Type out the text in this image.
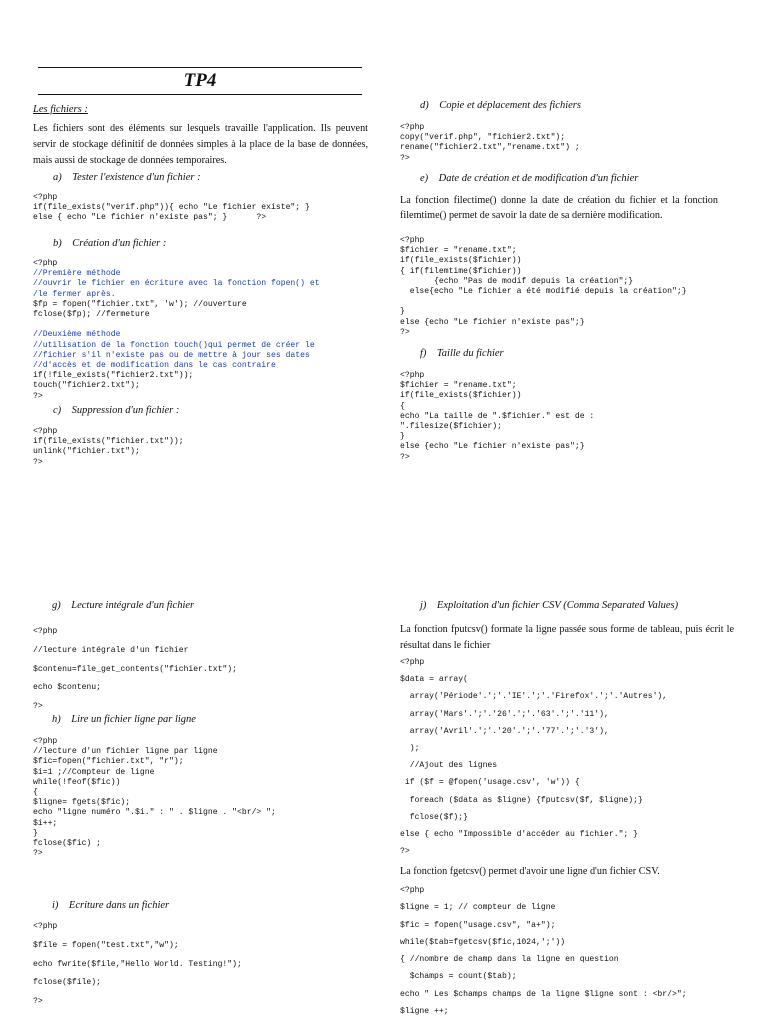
TP4
Les fichiers :
Les fichiers sont des éléments sur lesquels travaille l'application. Ils peuvent servir de stockage définitif de données simples à la place de la base de données, mais aussi de stockage de données temporaires.
a)    Tester l'existence d'un fichier :
<?php
if(file_exists("verif.php")){ echo "Le fichier existe"; }
else { echo "Le fichier n'existe pas"; }      ?>
b)    Création d'un fichier :
<?php
//Première méthode
//ouvrir le fichier en écriture avec la fonction fopen() et
/le fermer après.
$fp = fopen("fichier.txt", 'w'); //ouverture
fclose($fp); //fermeture

//Deuxième méthode
//utilisation de la fonction touch()qui permet de créer le
//fichier s'il n'existe pas ou de mettre à jour ses dates
//d'accès et de modification dans le cas contraire
if(!file_exists("fichier2.txt"));
touch("fichier2.txt");
?>
c)    Suppression d'un fichier :
<?php
if(file_exists("fichier.txt"));
unlink("fichier.txt");
?>
d)    Copie et déplacement des fichiers
<?php
copy("verif.php", "fichier2.txt");
rename("fichier2.txt","rename.txt") ;
?>
e)    Date de création et de modification d'un fichier
La fonction filectime() donne la date de création du fichier et la fonction filemtime() permet de savoir la date de sa dernière modification.
<?php
$fichier = "rename.txt";
if(file_exists($fichier))
{ if(filemtime($fichier))
{echo "Pas de modif depuis la création";}
else{echo "Le fichier a été modifié depuis la création";}

}
else {echo "Le fichier n'existe pas";}
?>
f)    Taille du fichier
<?php
$fichier = "rename.txt";
if(file_exists($fichier))
{
echo "La taille de ".$fichier." est de :
".filesize($fichier);
}
else {echo "Le fichier n'existe pas";}
?>
g)    Lecture intégrale d'un fichier
<?php
//lecture intégrale d'un fichier
$contenu=file_get_contents("fichier.txt");
echo $contenu;
?>
h)    Lire un fichier ligne par ligne
<?php
//lecture d'un fichier ligne par ligne
$fic=fopen("fichier.txt", "r");
$i=1 ;//Compteur de ligne
while(!feof($fic))
{
$ligne= fgets($fic);
echo "ligne numéro ".$i." : " . $ligne . "<br/> ";
$i++;
}
fclose($fic) ;
?>
i)    Ecriture dans un fichier
<?php
$file = fopen("test.txt","w");
echo fwrite($file,"Hello World. Testing!");
fclose($file);
?>
j)    Exploitation d'un fichier CSV (Comma Separated Values)
La fonction fputcsv() formate la ligne passée sous forme de tableau, puis écrit le résultat dans le fichier
<?php
$data = array(
array('Période'.';'.'IE'.';'.'Firefox'.';'.'Autres'),
array('Mars'.';'.'26'.';'.'63'.';'.'11'),
array('Avril'.';'.'20'.';'.'77'.';'.'3'),
);
//Ajout des lignes
if ($f = @fopen('usage.csv', 'w')) {
foreach ($data as $ligne) {fputcsv($f, $ligne);}
fclose($f);}
else { echo "Impossible d'accéder au fichier."; }
?>
La fonction fgetcsv() permet d'avoir une ligne d'un fichier CSV.
<?php
$ligne = 1; // compteur de ligne
$fic = fopen("usage.csv", "a+");
while($tab=fgetcsv($fic,1024,';'))
{ //nombre de champ dans la ligne en question
$champs = count($tab);
echo " Les $champs champs de la ligne $ligne sont : <br/>";
$ligne ++;
